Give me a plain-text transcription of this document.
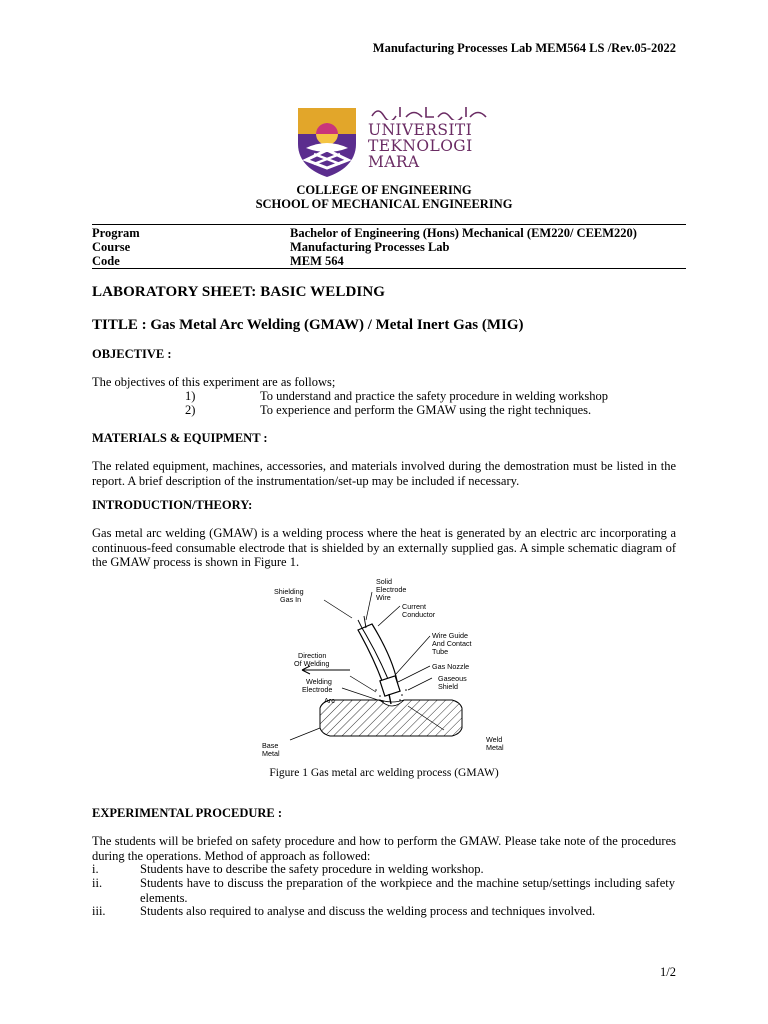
Manufacturing Processes Lab MEM564 LS /Rev.05-2022
UNIVERSITI
TEKNOLOGI
MARA
COLLEGE OF ENGINEERING
SCHOOL OF MECHANICAL ENGINEERING
Program	Bachelor of Engineering (Hons) Mechanical (EM220/ CEEM220)
Course	Manufacturing Processes Lab
Code	MEM 564
LABORATORY SHEET: BASIC WELDING
TITLE : Gas Metal Arc Welding (GMAW) / Metal Inert Gas (MIG)
OBJECTIVE :
The objectives of this experiment are as follows;
1)	To understand and practice the safety procedure in welding workshop
2)	To experience and perform the GMAW using the right techniques.
MATERIALS & EQUIPMENT :
The related equipment, machines, accessories, and materials involved during the demostration must be listed in the report. A brief description of the instrumentation/set-up may be included if necessary.
INTRODUCTION/THEORY:
Gas metal arc welding (GMAW) is a welding process where the heat is generated by an electric arc incorporating a continuous-feed consumable electrode that is shielded by an externally supplied gas. A simple schematic diagram of the GMAW process is shown in Figure 1.
Shielding
Gas In
Solid
Electrode
Wire
Current
Conductor
Wire Guide
And Contact
Tube
Direction
Of Welding	Gas Nozzle
Gaseous
Shield
Welding
Electrode
Arc
Weld
Metal
Base
Metal
Figure 1 Gas metal arc welding process (GMAW)
EXPERIMENTAL PROCEDURE :
The students will be briefed on safety procedure and how to perform the GMAW. Please take note of the procedures during the operations. Method of approach as followed:
i.	Students have to describe the safety procedure in welding workshop.
ii.	Students have to discuss the preparation of the workpiece and the machine setup/settings including safety elements.
iii.	Students also required to analyse and discuss the welding process and techniques involved.
1/2
